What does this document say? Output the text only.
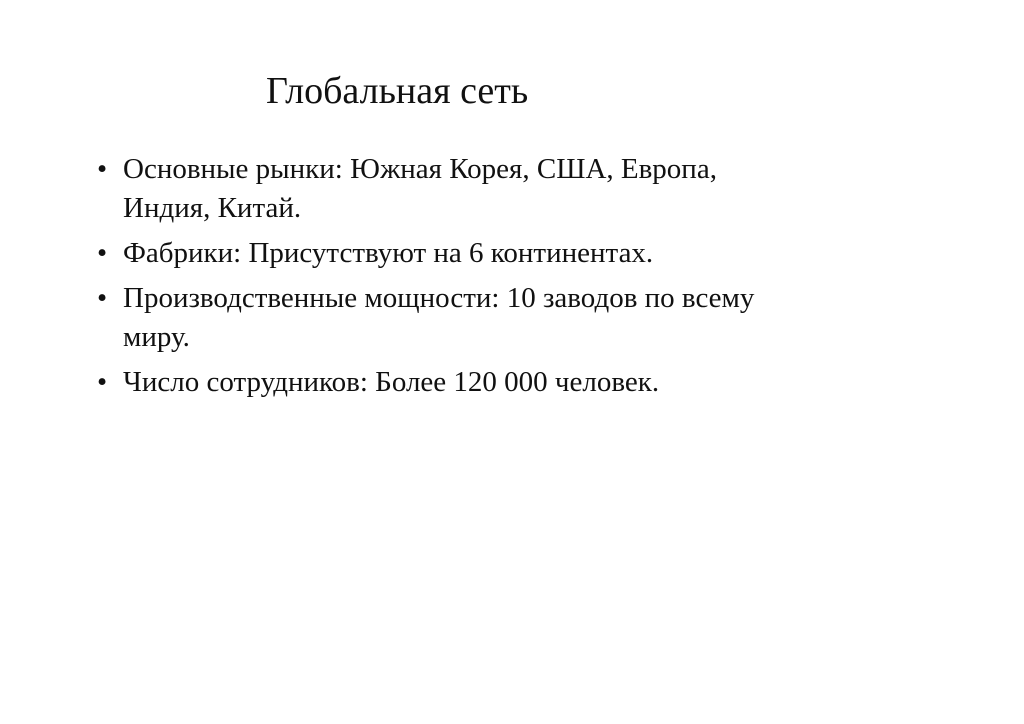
Глобальная сеть
• Основные рынки: Южная Корея, США, Европа, Индия, Китай.
• Фабрики: Присутствуют на 6 континентах.
• Производственные мощности: 10 заводов по всему миру.
• Число сотрудников: Более 120 000 человек.
